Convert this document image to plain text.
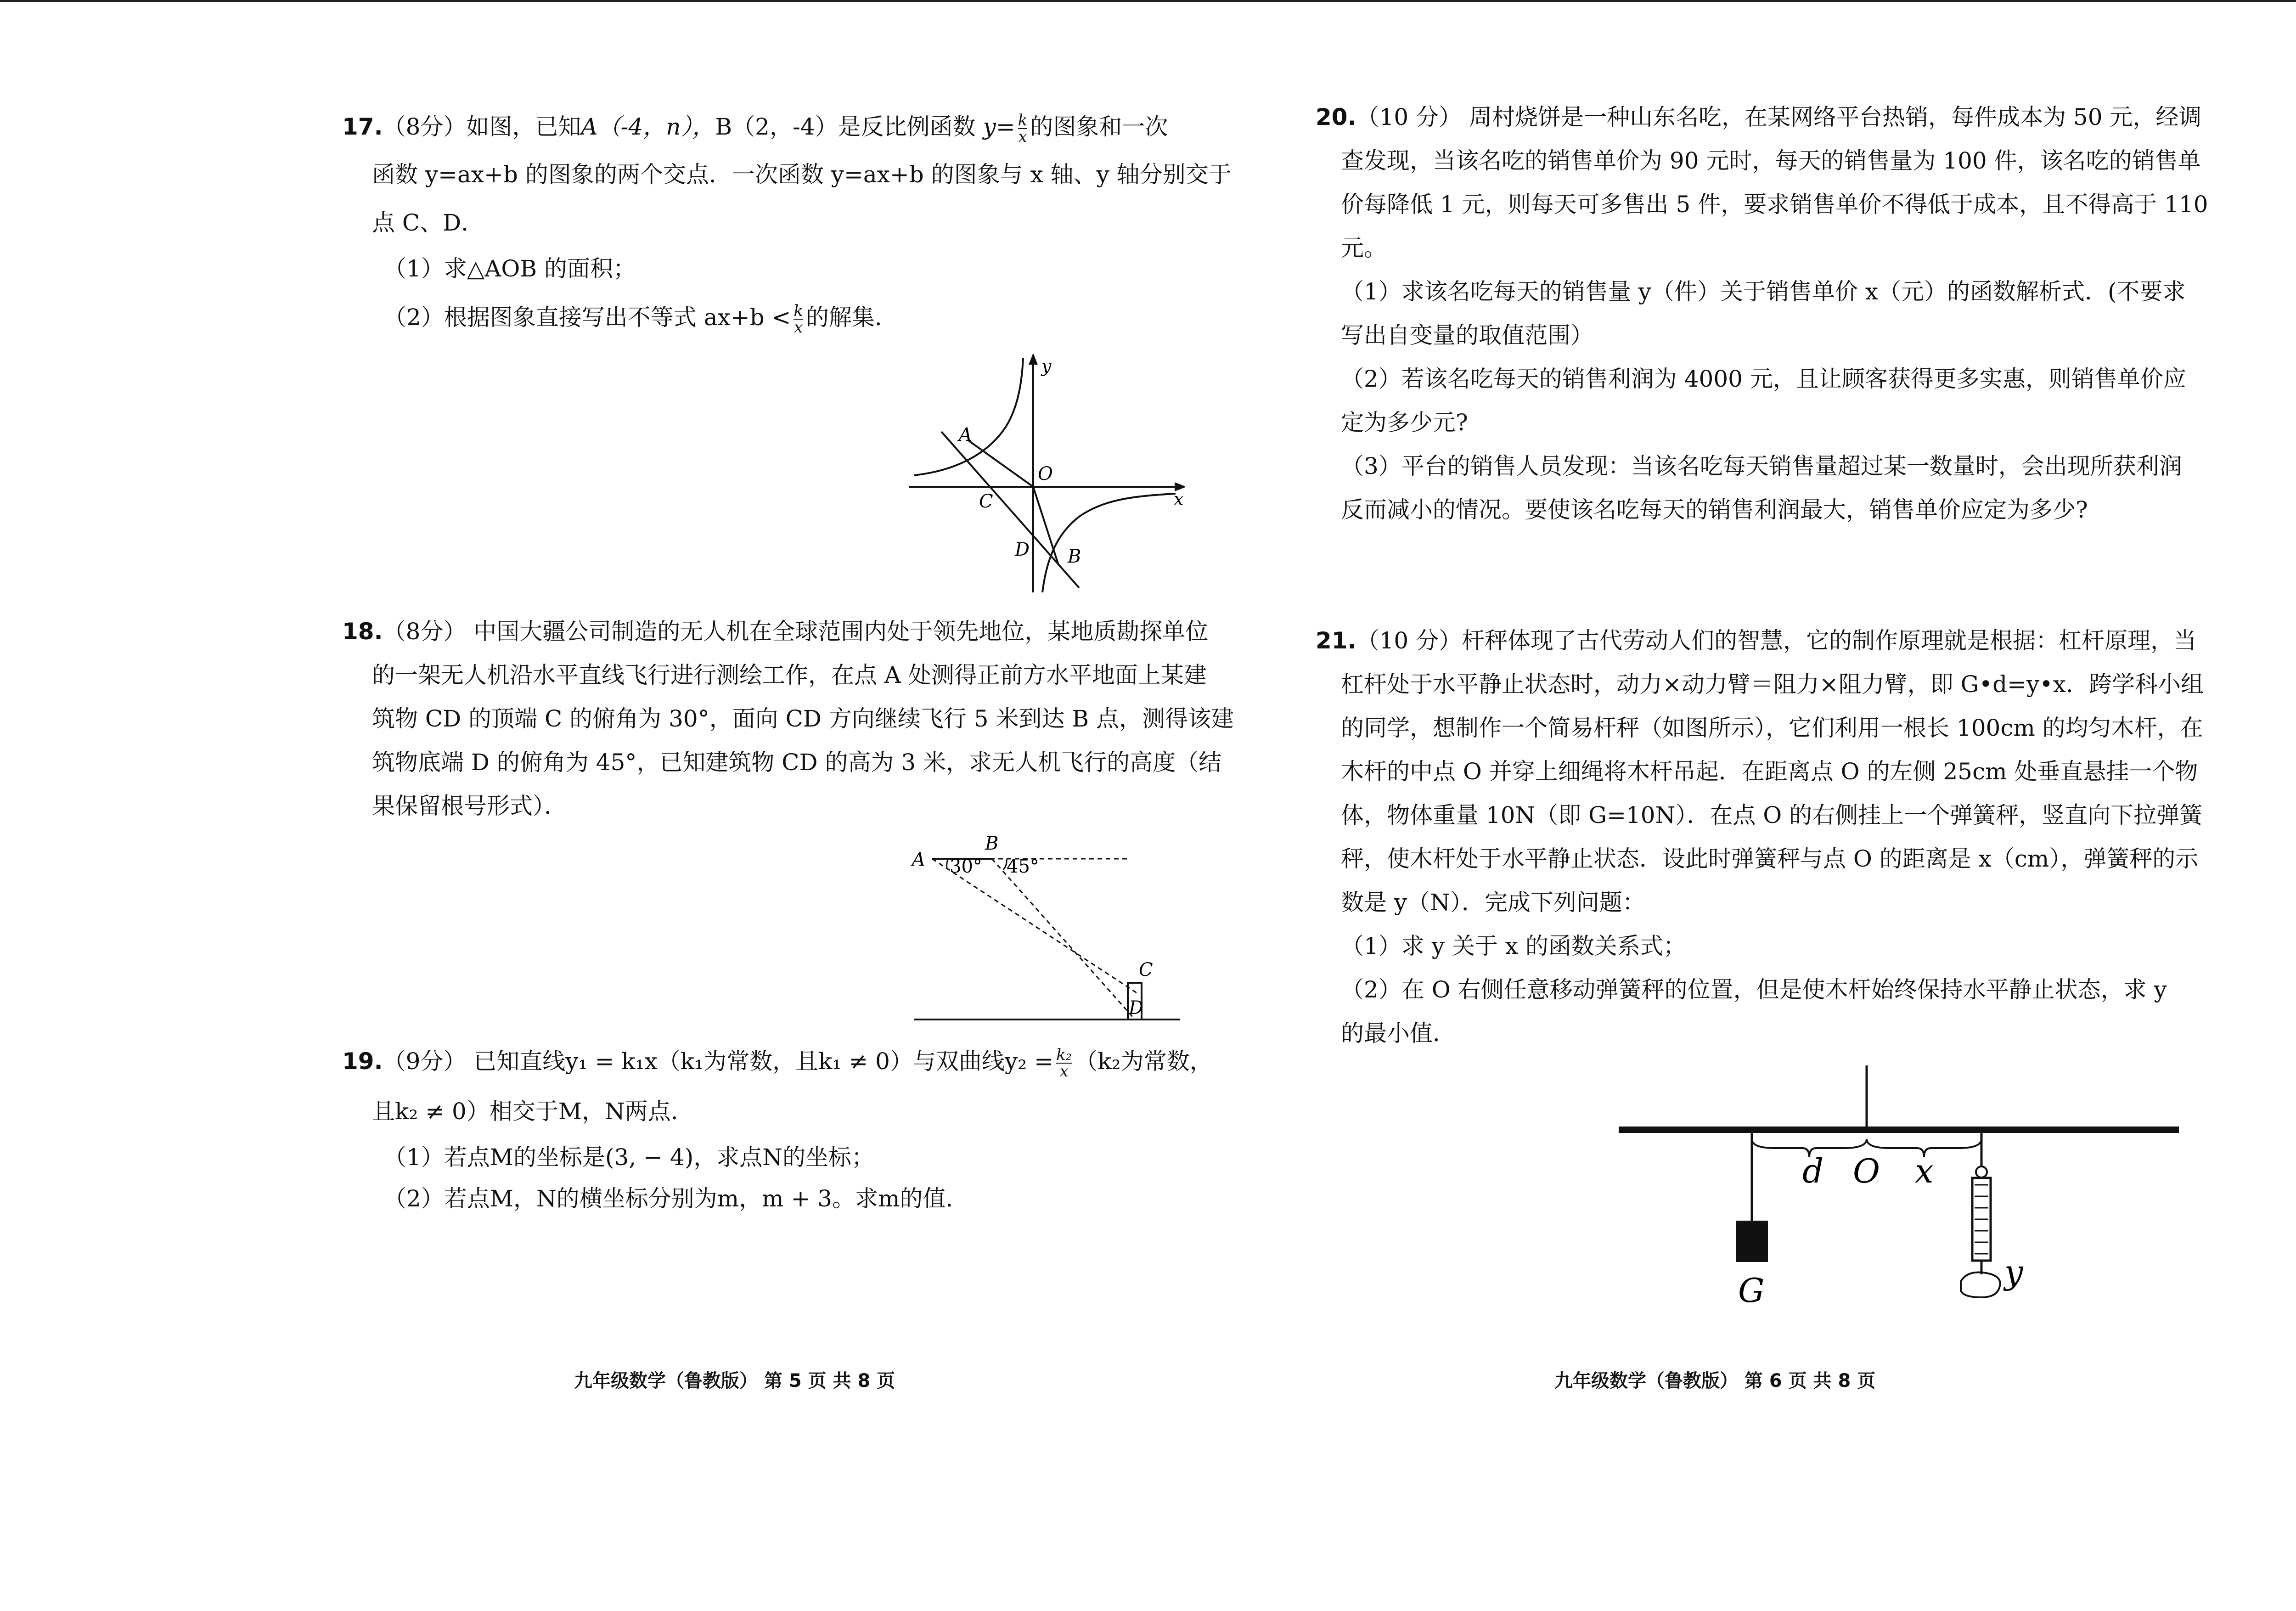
17.（8分）如图，已知A（-4，n），B（2，-4）是反比例函数 $y= \frac{k}{x}$ 的图象和一次
函数 y=ax+b 的图象的两个交点．一次函数 y=ax+b 的图象与 x 轴、y 轴分别交于
点 C、D．
（1）求△AOB 的面积；
（2）根据图象直接写出不等式 $ax+b < \frac{k}{x}$ 的解集．
y
x
A
O
C
D B
18.（8分） 中国大疆公司制造的无人机在全球范围内处于领先地位，某地质勘探单位
的一架无人机沿水平直线飞行进行测绘工作，在点 A 处测得正前方水平地面上某建
筑物 CD 的顶端 C 的俯角为 30°，面向 CD 方向继续飞行 5 米到达 B 点，测得该建
筑物底端 D 的俯角为 45°，已知建筑物 CD 的高为 3 米，求无人机飞行的高度（结
果保留根号形式）．
A
B
30° 45°
C
D
19.（9分） 已知直线y₁ = k₁x（k₁为常数，且k₁ ≠ 0）与双曲线$y_2 = \frac{\text{k₂}}{x} (k_2$为常数，
且k₂ ≠ 0）相交于M，N两点．
（1）若点M的坐标是(3, − 4)，求点N的坐标；
（2）若点M，N的横坐标分别为m，m + 3。求m的值．
九年级数学（鲁教版） 第 5 页 共 8 页
20.（10 分） 周村烧饼是一种山东名吃，在某网络平台热销，每件成本为 50 元，经调
查发现，当该名吃的销售单价为 90 元时，每天的销售量为 100 件，该名吃的销售单
价每降低 1 元，则每天可多售出 5 件，要求销售单价不得低于成本，且不得高于 110
元。
（1）求该名吃每天的销售量 y（件）关于销售单价 x（元）的函数解析式．(不要求
写出自变量的取值范围）
（2）若该名吃每天的销售利润为 4000 元，且让顾客获得更多实惠，则销售单价应
定为多少元?
（3）平台的销售人员发现：当该名吃每天销售量超过某一数量时，会出现所获利润
反而减小的情况。要使该名吃每天的销售利润最大，销售单价应定为多少?
21.（10 分）杆秤体现了古代劳动人们的智慧，它的制作原理就是根据：杠杆原理，当
杠杆处于水平静止状态时，动力×动力臂＝阻力×阻力臂，即 G•d=y•x．跨学科小组
的同学，想制作一个简易杆秤（如图所示），它们利用一根长 100cm 的均匀木杆，在
木杆的中点 O 并穿上细绳将木杆吊起．在距离点 O 的左侧 25cm 处垂直悬挂一个物
体，物体重量 10N（即 G=10N）．在点 O 的右侧挂上一个弹簧秤，竖直向下拉弹簧
秤，使木杆处于水平静止状态．设此时弹簧秤与点 O 的距离是 x（cm），弹簧秤的示
数是 y（N）．完成下列问题：
（1）求 y 关于 x 的函数关系式；
（2）在 O 右侧任意移动弹簧秤的位置，但是使木杆始终保持水平静止状态，求 y
的最小值．
d O x
G	y
九年级数学（鲁教版） 第 6 页 共 8 页
